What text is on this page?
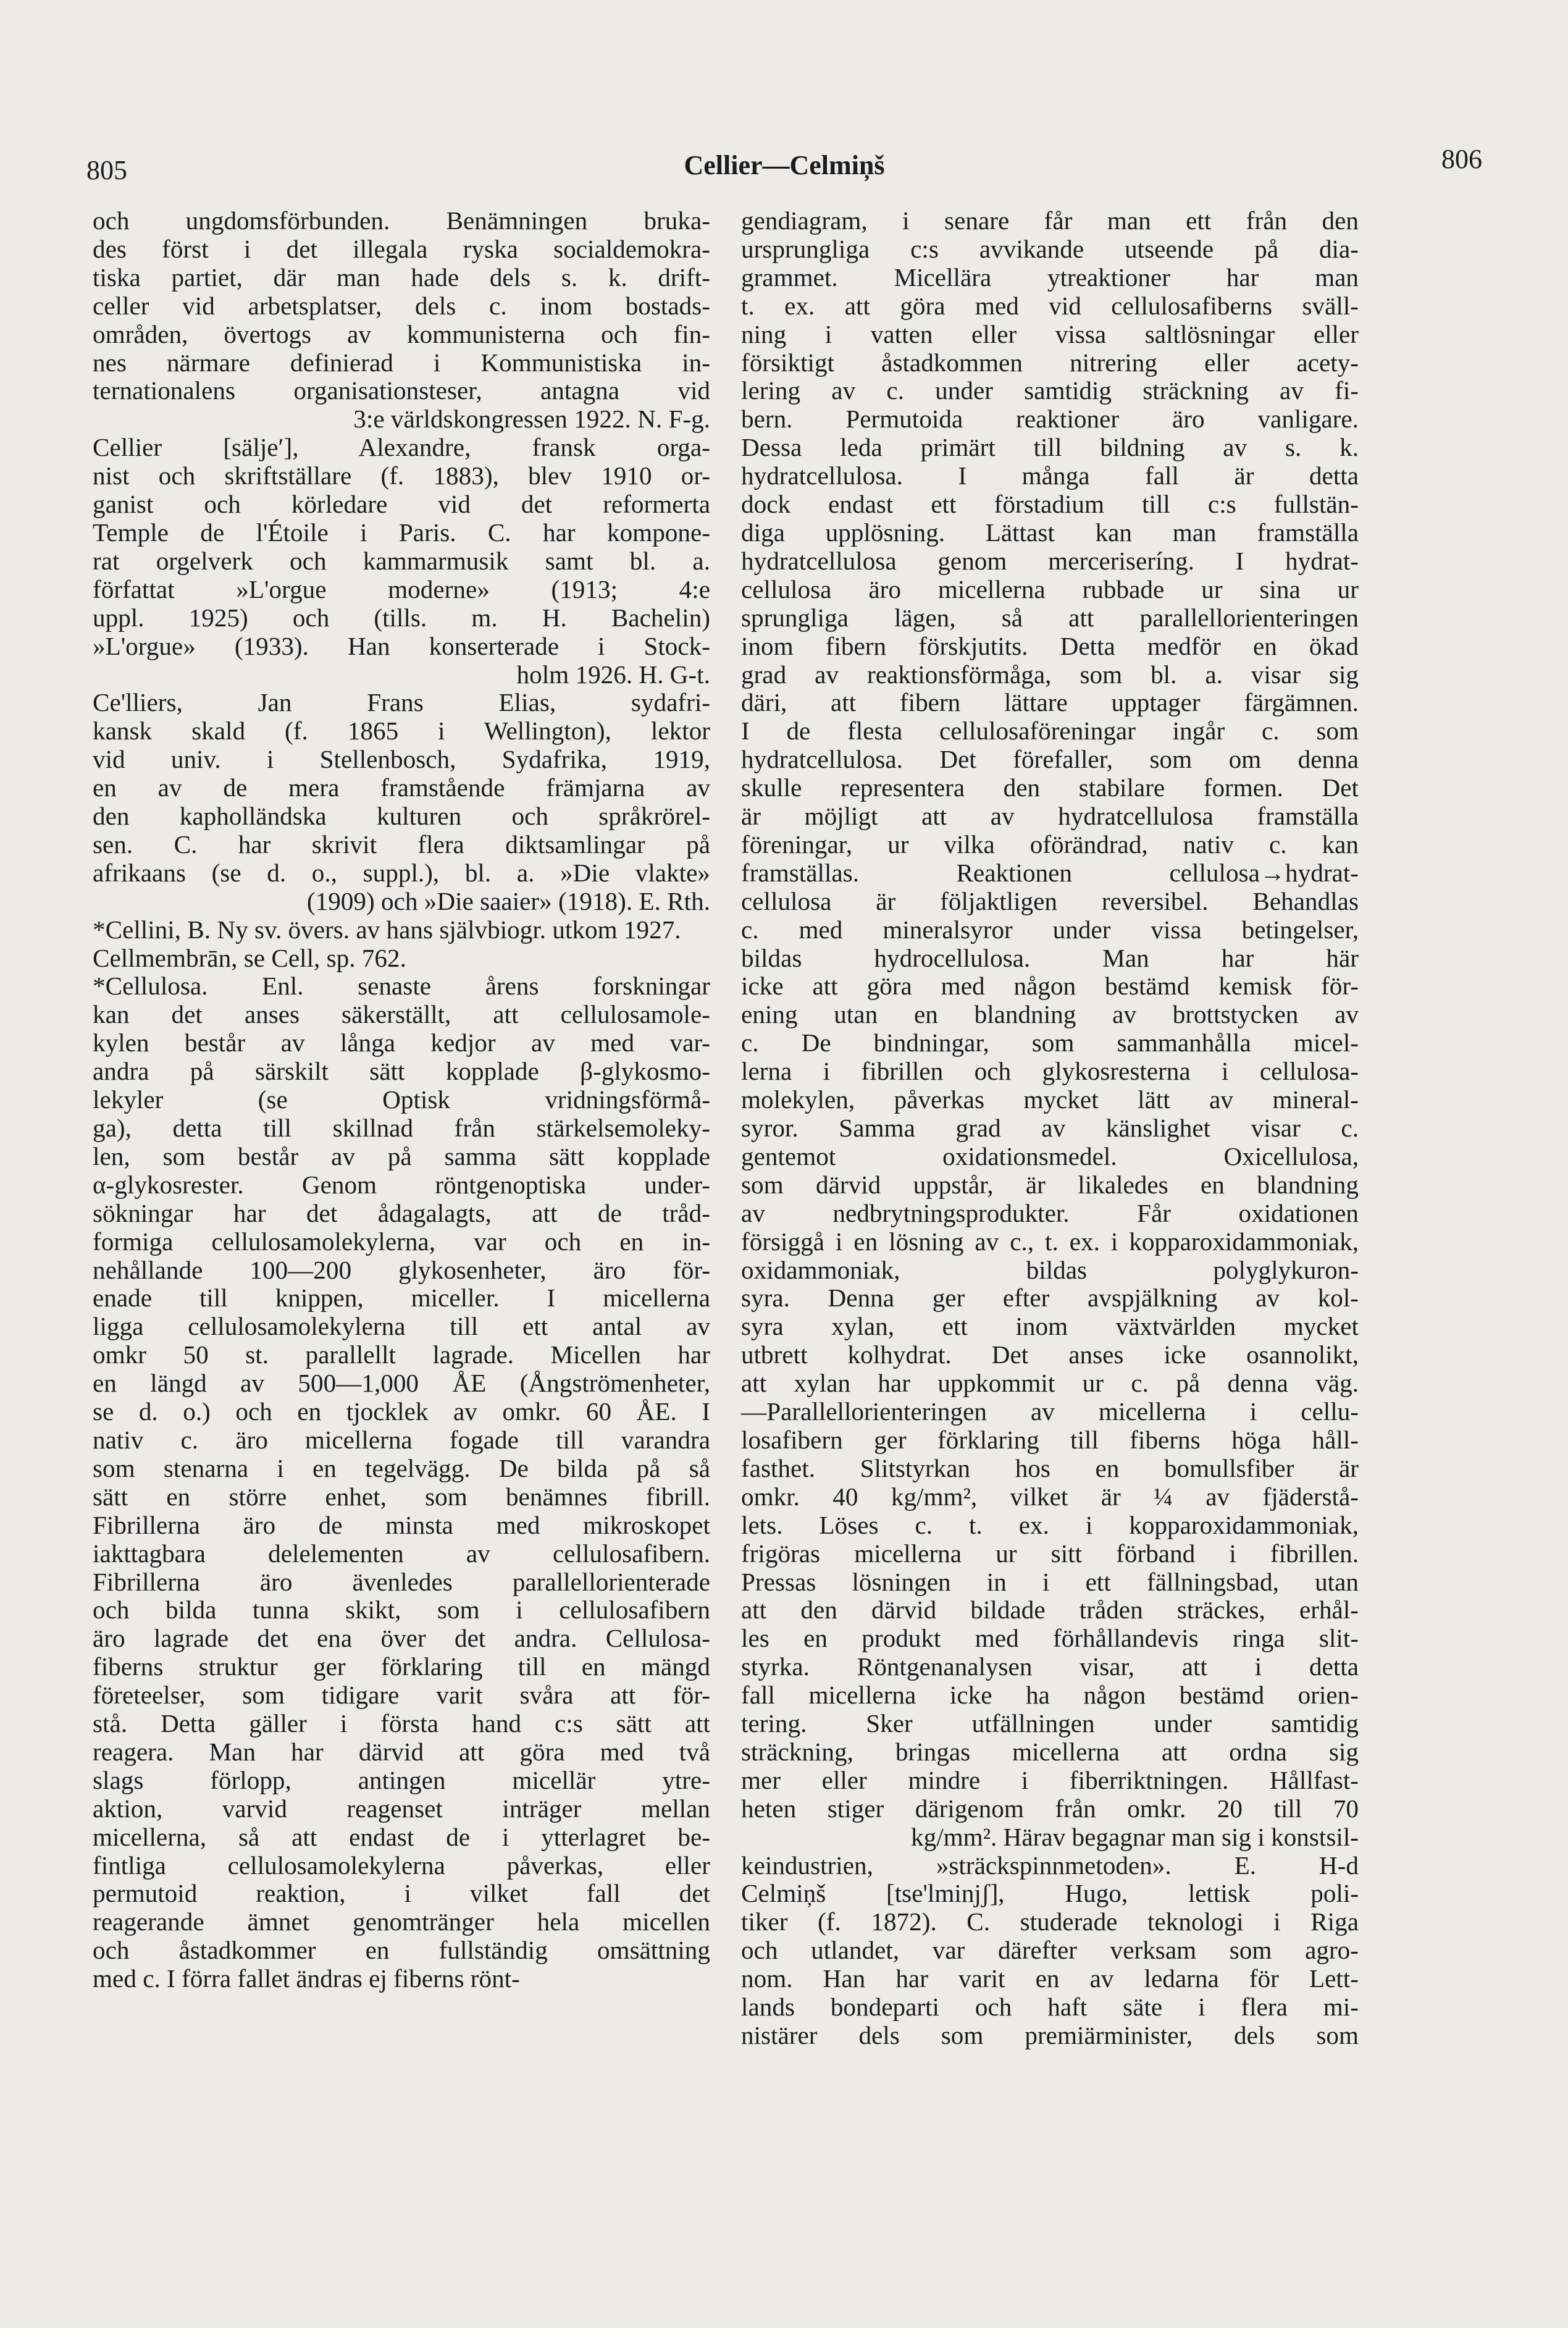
805	Cellier—Celmiņš	806
och ungdomsförbunden. Benämningen bruka-
des först i det illegala ryska socialdemokra-
tiska partiet, där man hade dels s. k. drift-
celler vid arbetsplatser, dels c. inom bostads-
områden, övertogs av kommunisterna och fin-
nes närmare definierad i Kommunistiska in-
ternationalens organisationsteser, antagna vid
3:e världskongressen 1922. N. F-g.
Cellier [sälje′], Alexandre, fransk orga-
nist och skriftställare (f. 1883), blev 1910 or-
ganist och körledare vid det reformerta
Temple de l'Étoile i Paris. C. har kompone-
rat orgelverk och kammarmusik samt bl. a.
författat »L'orgue moderne» (1913; 4:e
uppl. 1925) och (tills. m. H. Bachelin)
»L'orgue» (1933). Han konserterade i Stock-
holm 1926. H. G-t.
Ce'lliers, Jan Frans Elias, sydafri-
kansk skald (f. 1865 i Wellington), lektor
vid univ. i Stellenbosch, Sydafrika, 1919,
en av de mera framstående främjarna av
den kapholländska kulturen och språkrörel-
sen. C. har skrivit flera diktsamlingar på
afrikaans (se d. o., suppl.), bl. a. »Die vlakte»
(1909) och »Die saaier» (1918). E. Rth.
*Cellini, B. Ny sv. övers. av hans självbiogr. utkom 1927.
Cellmembrān, se Cell, sp. 762.
*Cellulosa. Enl. senaste årens forskningar
kan det anses säkerställt, att cellulosamole-
kylen består av långa kedjor av med var-
andra på särskilt sätt kopplade β-glykosmo-
lekyler (se Optisk vridningsförmå-
ga), detta till skillnad från stärkelsemoleky-
len, som består av på samma sätt kopplade
α-glykosrester. Genom röntgenoptiska under-
sökningar har det ådagalagts, att de tråd-
formiga cellulosamolekylerna, var och en in-
nehållande 100—200 glykosenheter, äro för-
enade till knippen, miceller. I micellerna
ligga cellulosamolekylerna till ett antal av
omkr 50 st. parallellt lagrade. Micellen har
en längd av 500—1,000 ÅE (Ångströmenheter,
se d. o.) och en tjocklek av omkr. 60 ÅE. I
nativ c. äro micellerna fogade till varandra
som stenarna i en tegelvägg. De bilda på så
sätt en större enhet, som benämnes fibrill.
Fibrillerna äro de minsta med mikroskopet
iakttagbara delelementen av cellulosafibern.
Fibrillerna äro ävenledes parallellorienterade
och bilda tunna skikt, som i cellulosafibern
äro lagrade det ena över det andra. Cellulosa-
fiberns struktur ger förklaring till en mängd
företeelser, som tidigare varit svåra att för-
stå. Detta gäller i första hand c:s sätt att
reagera. Man har därvid att göra med två
slags förlopp, antingen micellär ytre-
aktion, varvid reagenset inträger mellan
micellerna, så att endast de i ytterlagret be-
fintliga cellulosamolekylerna påverkas, eller
permutoid reaktion, i vilket fall det
reagerande ämnet genomtränger hela micellen
och åstadkommer en fullständig omsättning
med c. I förra fallet ändras ej fiberns rönt-
gendiagram, i senare får man ett från den
ursprungliga c:s avvikande utseende på dia-
grammet. Micellära ytreaktioner har man
t. ex. att göra med vid cellulosafiberns sväll-
ning i vatten eller vissa saltlösningar eller
försiktigt åstadkommen nitrering eller acety-
lering av c. under samtidig sträckning av fi-
bern. Permutoida reaktioner äro vanligare.
Dessa leda primärt till bildning av s. k.
hydratcellulosa. I många fall är detta
dock endast ett förstadium till c:s fullstän-
diga upplösning. Lättast kan man framställa
hydratcellulosa genom merceriseríng. I hydrat-
cellulosa äro micellerna rubbade ur sina ur
sprungliga lägen, så att parallellorienteringen
inom fibern förskjutits. Detta medför en ökad
grad av reaktionsförmåga, som bl. a. visar sig
däri, att fibern lättare upptager färgämnen.
I de flesta cellulosaföreningar ingår c. som
hydratcellulosa. Det förefaller, som om denna
skulle representera den stabilare formen. Det
är möjligt att av hydratcellulosa framställa
föreningar, ur vilka oförändrad, nativ c. kan
framställas. Reaktionen cellulosa→hydrat-
cellulosa är följaktligen reversibel. Behandlas
c. med mineralsyror under vissa betingelser,
bildas hydrocellulosa. Man har här
icke att göra med någon bestämd kemisk för-
ening utan en blandning av brottstycken av
c. De bindningar, som sammanhålla micel-
lerna i fibrillen och glykosresterna i cellulosa-
molekylen, påverkas mycket lätt av mineral-
syror. Samma grad av känslighet visar c.
gentemot oxidationsmedel. Oxicellulosa,
som därvid uppstår, är likaledes en blandning
av nedbrytningsprodukter. Får oxidationen
försiggå i en lösning av c., t. ex. i kopparoxidammoniak,
oxidammoniak, bildas polyglykuron-
syra. Denna ger efter avspjälkning av kol-
syra xylan, ett inom växtvärlden mycket
utbrett kolhydrat. Det anses icke osannolikt,
att xylan har uppkommit ur c. på denna väg.
—Parallellorienteringen av micellerna i cellu-
losafibern ger förklaring till fiberns höga håll-
fasthet. Slitstyrkan hos en bomullsfiber är
omkr. 40 kg/mm², vilket är ¼ av fjäderstå-
lets. Löses c. t. ex. i kopparoxidammoniak,
frigöras micellerna ur sitt förband i fibrillen.
Pressas lösningen in i ett fällningsbad, utan
att den därvid bildade tråden sträckes, erhål-
les en produkt med förhållandevis ringa slit-
styrka. Röntgenanalysen visar, att i detta
fall micellerna icke ha någon bestämd orien-
tering. Sker utfällningen under samtidig
sträckning, bringas micellerna att ordna sig
mer eller mindre i fiberriktningen. Hållfast-
heten stiger därigenom från omkr. 20 till 70
kg/mm². Härav begagnar man sig i konstsil-
keindustrien, »sträckspinnmetoden». E. H-d
Celmiņš [tse'lminjʃ], Hugo, lettisk poli-
tiker (f. 1872). C. studerade teknologi i Riga
och utlandet, var därefter verksam som agro-
nom. Han har varit en av ledarna för Lett-
lands bondeparti och haft säte i flera mi-
nistärer dels som premiärminister, dels som
